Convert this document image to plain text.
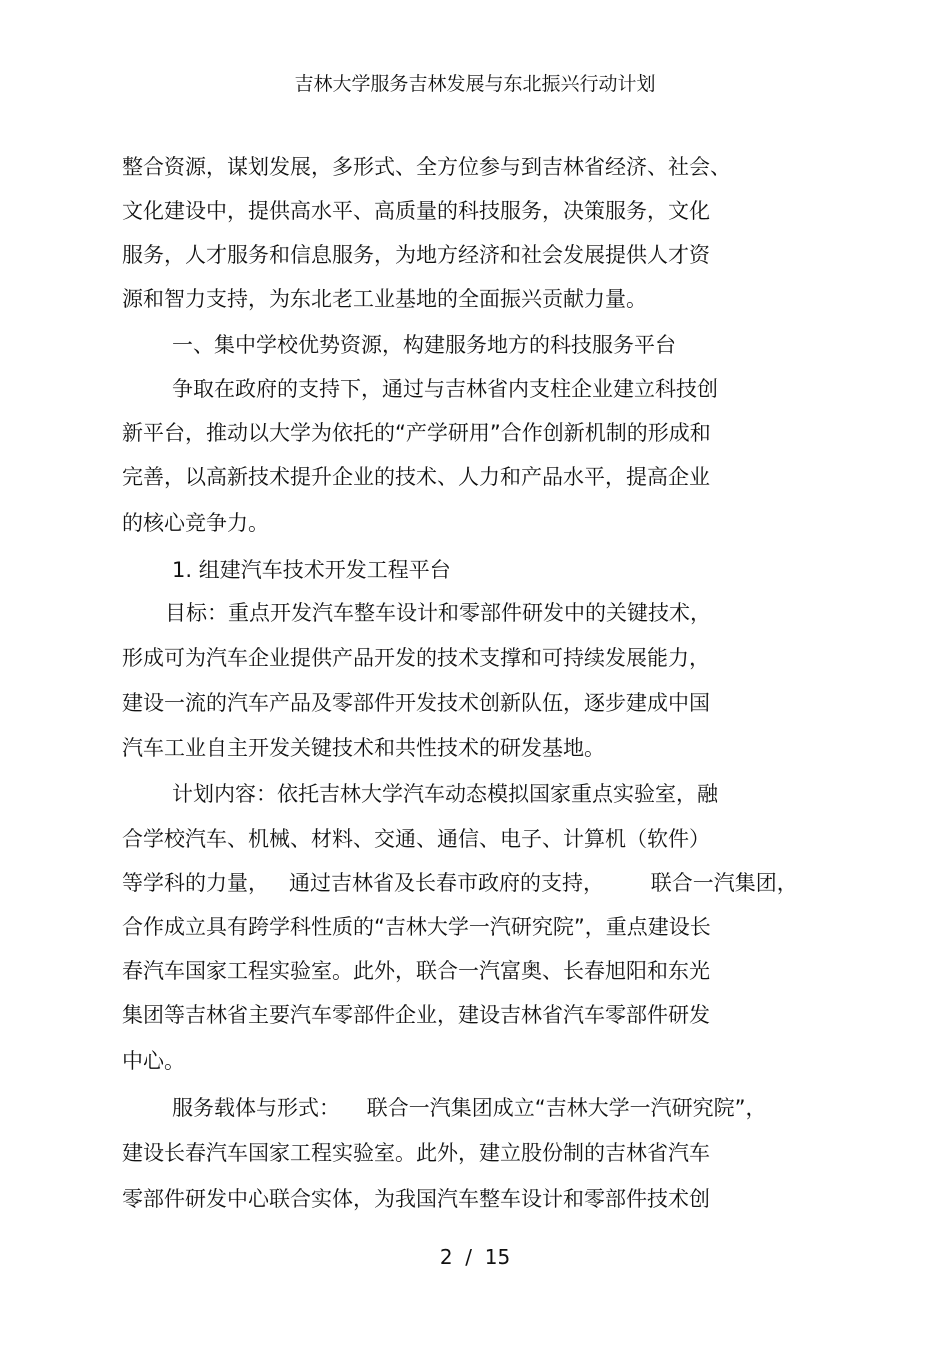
吉林大学服务吉林发展与东北振兴行动计划
整合资源，谋划发展，多形式、全方位参与到吉林省经济、社会、
文化建设中，提供高水平、高质量的科技服务，决策服务，文化
服务，人才服务和信息服务，为地方经济和社会发展提供人才资
源和智力支持，为东北老工业基地的全面振兴贡献力量。
一、集中学校优势资源，构建服务地方的科技服务平台
争取在政府的支持下，通过与吉林省内支柱企业建立科技创
新平台，推动以大学为依托的“产学研用”合作创新机制的形成和
完善，以高新技术提升企业的技术、人力和产品水平，提高企业
的核心竞争力。
1. 组建汽车技术开发工程平台
目标：重点开发汽车整车设计和零部件研发中的关键技术，
形成可为汽车企业提供产品开发的技术支撑和可持续发展能力，
建设一流的汽车产品及零部件开发技术创新队伍，逐步建成中国
汽车工业自主开发关键技术和共性技术的研发基地。
计划内容：依托吉林大学汽车动态模拟国家重点实验室，融
合学校汽车、机械、材料、交通、通信、电子、计算机（软件）
等学科的力量，   通过吉林省及长春市政府的支持，       联合一汽集团，
合作成立具有跨学科性质的“吉林大学一汽研究院”，重点建设长
春汽车国家工程实验室。此外，联合一汽富奥、长春旭阳和东光
集团等吉林省主要汽车零部件企业，建设吉林省汽车零部件研发
中心。
服务载体与形式：    联合一汽集团成立“吉林大学一汽研究院”，
建设长春汽车国家工程实验室。此外，建立股份制的吉林省汽车
零部件研发中心联合实体，为我国汽车整车设计和零部件技术创
2  /  15
